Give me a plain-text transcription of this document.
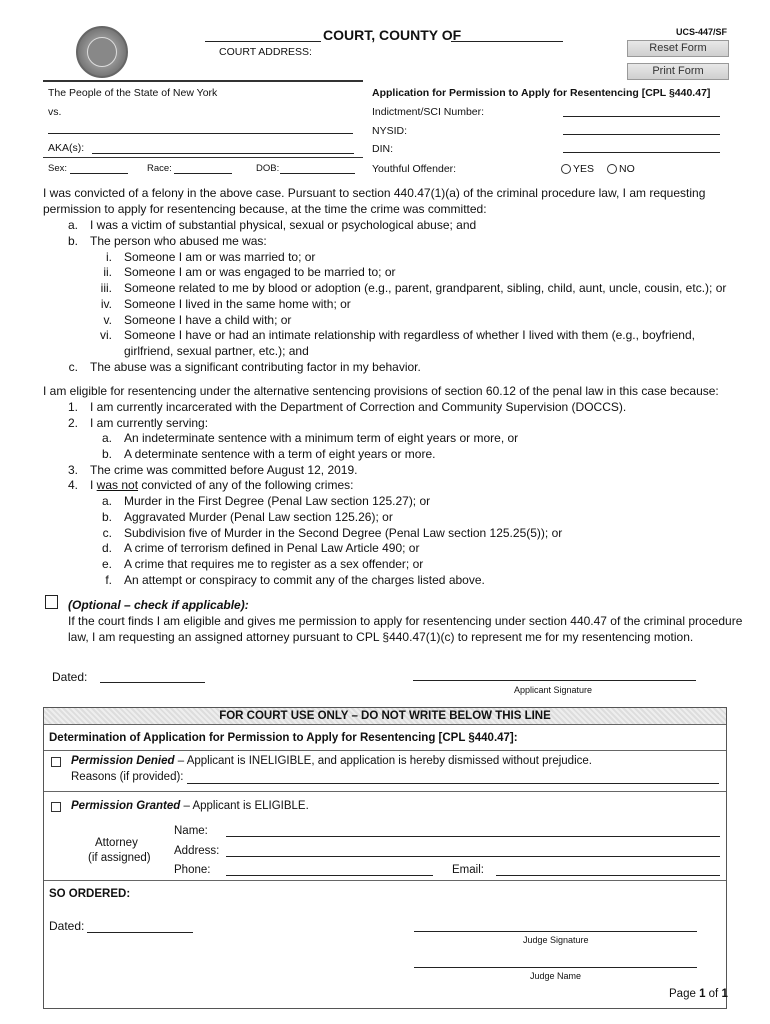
COURT, COUNTY OF
COURT ADDRESS:
UCS-447/SF
Reset Form
Print Form
The People of the State of New York
vs.
AKA(s):
Sex:	Race:	DOB:
Application for Permission to Apply for Resentencing [CPL §440.47]
Indictment/SCI Number:
NYSID:
DIN:
Youthful Offender:	YES NO
I was convicted of a felony in the above case. Pursuant to section 440.47(1)(a) of the criminal procedure law, I am requesting permission to apply for resentencing because, at the time the crime was committed:
a. I was a victim of substantial physical, sexual or psychological abuse; and
b. The person who abused me was:
i. Someone I am or was married to; or
ii. Someone I am or was engaged to be married to; or
iii. Someone related to me by blood or adoption (e.g., parent, grandparent, sibling, child, aunt, uncle, cousin, etc.); or
iv. Someone I lived in the same home with; or
v. Someone I have a child with; or
vi. Someone I have or had an intimate relationship with regardless of whether I lived with them (e.g., boyfriend,
girlfriend, sexual partner, etc.); and
c. The abuse was a significant contributing factor in my behavior.
I am eligible for resentencing under the alternative sentencing provisions of section 60.12 of the penal law in this case because:
1. I am currently incarcerated with the Department of Correction and Community Supervision (DOCCS).
2. I am currently serving:
a. An indeterminate sentence with a minimum term of eight years or more, or
b. A determinate sentence with a term of eight years or more.
3. The crime was committed before August 12, 2019.
4. I was not convicted of any of the following crimes:
a. Murder in the First Degree (Penal Law section 125.27); or
b. Aggravated Murder (Penal Law section 125.26); or
c. Subdivision five of Murder in the Second Degree (Penal Law section 125.25(5)); or
d. A crime of terrorism defined in Penal Law Article 490; or
e. A crime that requires me to register as a sex offender; or
f. An attempt or conspiracy to commit any of the charges listed above.
(Optional – check if applicable):
If the court finds I am eligible and gives me permission to apply for resentencing under section 440.47 of the criminal procedure
law, I am requesting an assigned attorney pursuant to CPL §440.47(1)(c) to represent me for my resentencing motion.
Dated:
Applicant Signature
FOR COURT USE ONLY – DO NOT WRITE BELOW THIS LINE
Determination of Application for Permission to Apply for Resentencing [CPL §440.47]:
Permission Denied – Applicant is INELIGIBLE, and application is hereby dismissed without prejudice.
Reasons (if provided):
Permission Granted – Applicant is ELIGIBLE.
Attorney
(if assigned)
Name:
Address:
Phone:	Email:
SO ORDERED:
Dated:
Judge Signature
Judge Name
Page 1 of 1
